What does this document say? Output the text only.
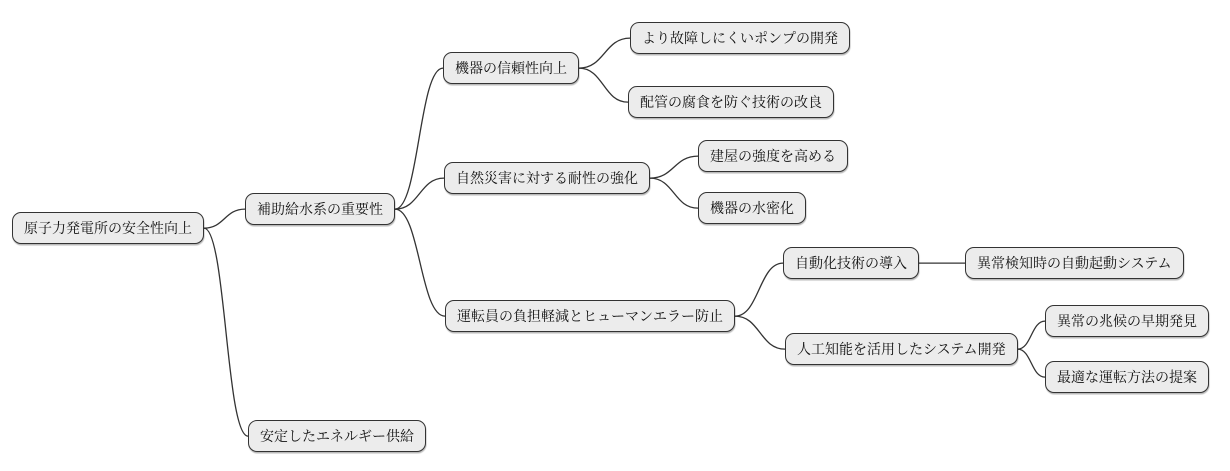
原子力発電所の安全性向上
補助給水系の重要性
安定したエネルギー供給
機器の信頼性向上
より故障しにくいポンプの開発
配管の腐食を防ぐ技術の改良
自然災害に対する耐性の強化
建屋の強度を高める
機器の水密化
運転員の負担軽減とヒューマンエラー防止
自動化技術の導入	異常検知時の自動起動システム
人工知能を活用したシステム開発
異常の兆候の早期発見
最適な運転方法の提案
